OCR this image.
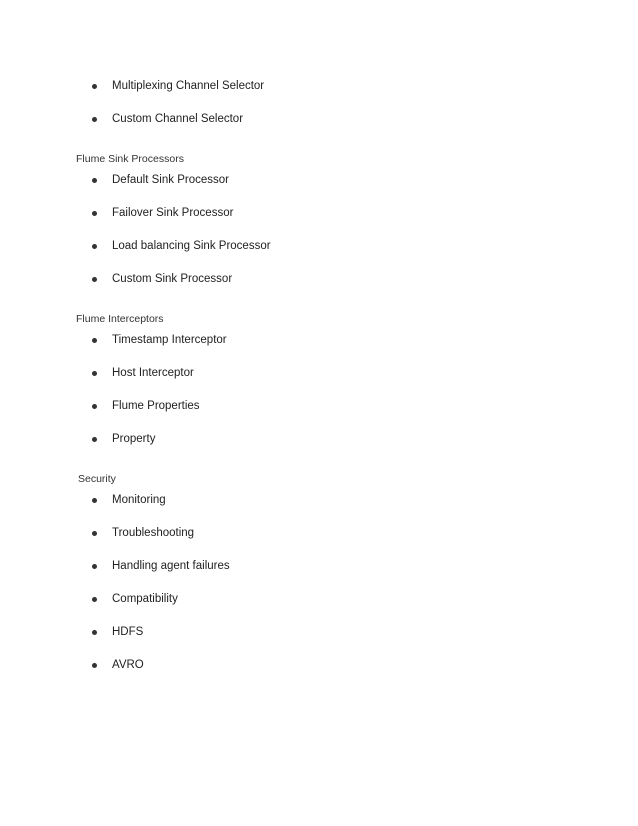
Multiplexing Channel Selector
Custom Channel Selector
Flume Sink Processors
Default Sink Processor
Failover Sink Processor
Load balancing Sink Processor
Custom Sink Processor
Flume Interceptors
Timestamp Interceptor
Host Interceptor
Flume Properties
Property
Security
Monitoring
Troubleshooting
Handling agent failures
Compatibility
HDFS
AVRO
